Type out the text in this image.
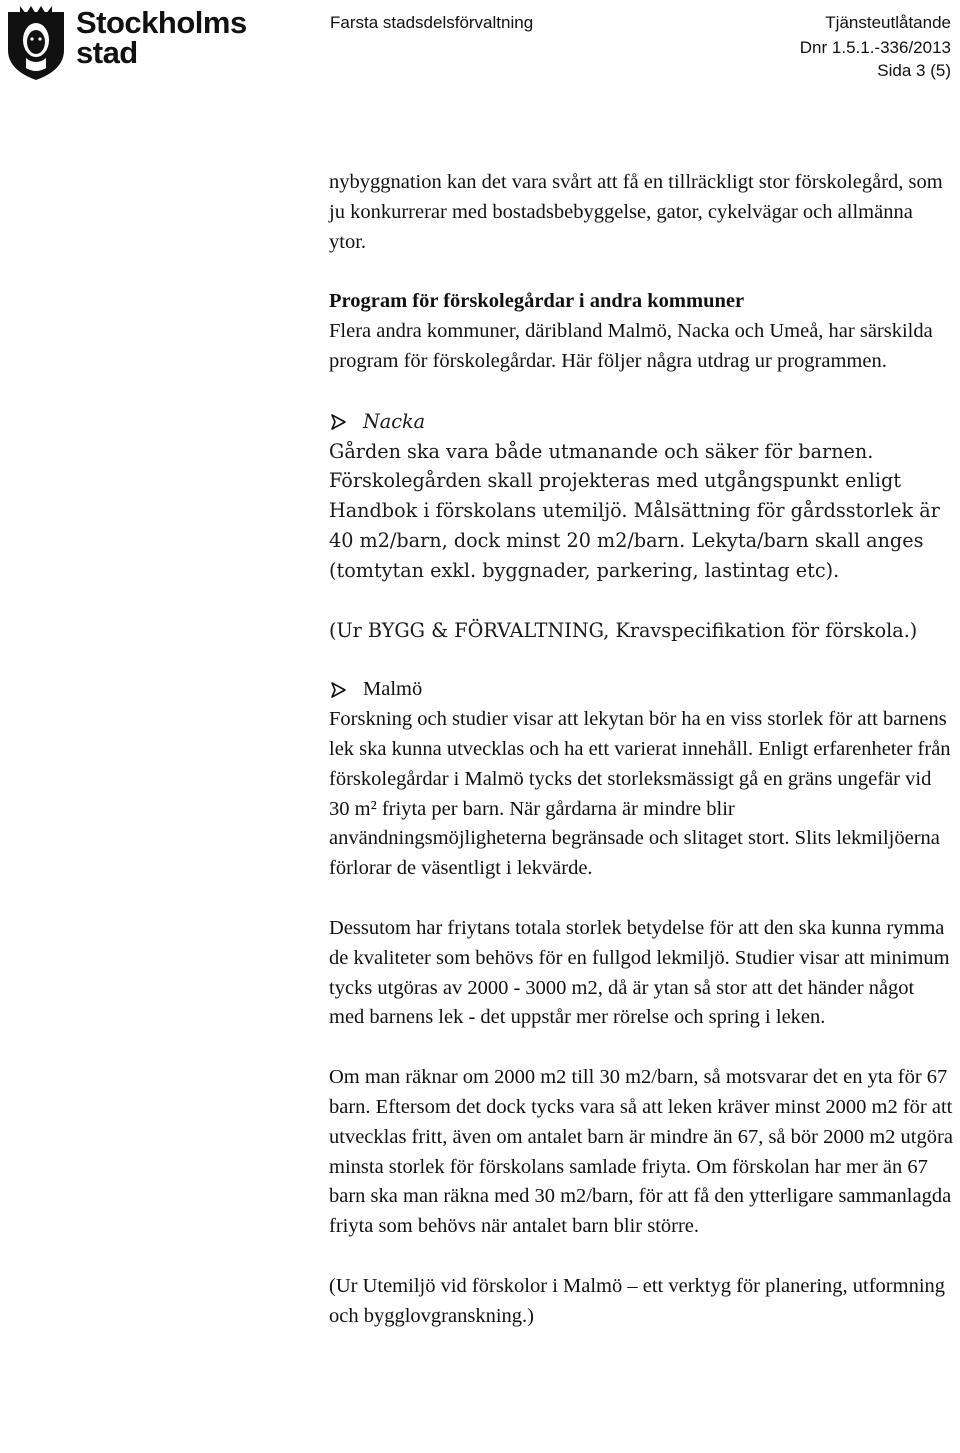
Stockholms
stad
Farsta stadsdelsförvaltning	Tjänsteutlåtande
Dnr 1.5.1.-336/2013
Sida 3 (5)

nybyggnation kan det vara svårt att få en tillräckligt stor förskolegård, som ju konkurrerar med bostadsbebyggelse, gator, cykelvägar och allmänna ytor.

Program för förskolegårdar i andra kommuner

Flera andra kommuner, däribland Malmö, Nacka och Umeå, har särskilda program för förskolegårdar. Här följer några utdrag ur programmen.

Nacka

Gården ska vara både utmanande och säker för barnen. Förskolegården skall projekteras med utgångspunkt enligt Handbok i förskolans utemiljö. Målsättning för gårdsstorlek är 40 m2/barn, dock minst 20 m2/barn. Lekyta/barn skall anges (tomtytan exkl. byggnader, parkering, lastintag etc).

(Ur BYGG & FÖRVALTNING, Kravspecifikation för förskola.)

Malmö

Forskning och studier visar att lekytan bör ha en viss storlek för att barnens lek ska kunna utvecklas och ha ett varierat innehåll. Enligt erfarenheter från förskolegårdar i Malmö tycks det storleksmässigt gå en gräns ungefär vid 30 m² friyta per barn. När gårdarna är mindre blir användningsmöjligheterna begränsade och slitaget stort. Slits lekmiljöerna förlorar de väsentligt i lekvärde.

Dessutom har friytans totala storlek betydelse för att den ska kunna rymma de kvaliteter som behövs för en fullgod lekmiljö. Studier visar att minimum tycks utgöras av 2000 - 3000 m2, då är ytan så stor att det händer något med barnens lek - det uppstår mer rörelse och spring i leken.

Om man räknar om 2000 m2 till 30 m2/barn, så motsvarar det en yta för 67 barn. Eftersom det dock tycks vara så att leken kräver minst 2000 m2 för att utvecklas fritt, även om antalet barn är mindre än 67, så bör 2000 m2 utgöra minsta storlek för förskolans samlade friyta. Om förskolan har mer än 67 barn ska man räkna med 30 m2/barn, för att få den ytterligare sammanlagda friyta som behövs när antalet barn blir större.

(Ur Utemiljö vid förskolor i Malmö – ett verktyg för planering, utformning och bygglovgranskning.)
